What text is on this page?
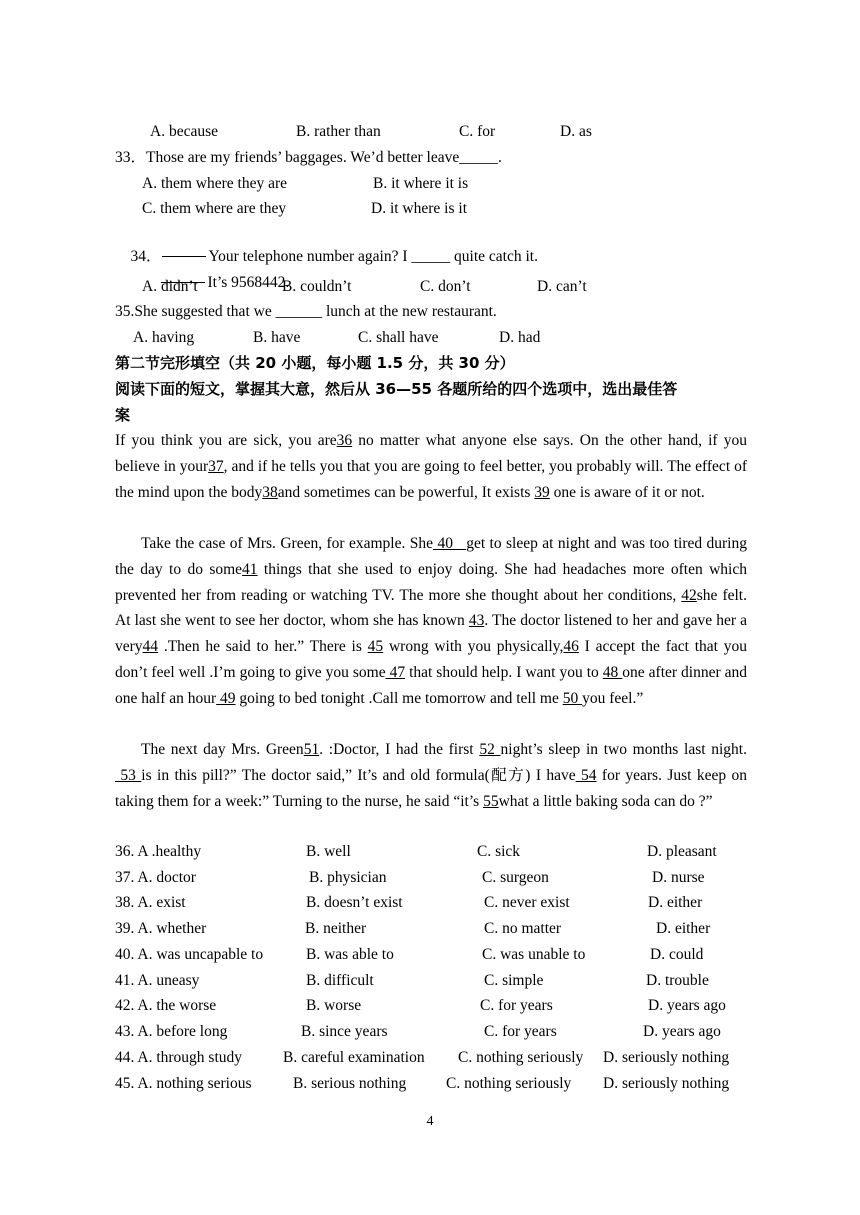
A. because	B. rather than	C. for	D. as
33．Those are my friends’ baggages. We’d better leave_____.
A. them where they are	B. it where it is
C. them where are they	D. it where is it

34．	Your telephone number again? I _____ quite catch it.

It’s 9568442.

A. didn’t	B. couldn’t	C. don’t	D. can’t
35.She suggested that we ______ lunch at the new restaurant.
A. having	B. have	C. shall have	D. had
第二节完形填空（共 20 小题，每小题 1.5 分，共 30 分）
阅读下面的短文，掌握其大意，然后从 36—55 各题所给的四个选项中，选出最佳答
案
If you think you are sick, you are36 no matter what anyone else says. On the other hand, if you believe in your37, and if he tells you that you are going to feel better, you probably will. The effect of the mind upon the body38and sometimes can be powerful, It exists 39 one is aware of it or not.
Take the case of Mrs. Green, for example. She 40   get to sleep at night and was too tired during the day to do some41 things that she used to enjoy doing. She had headaches more often which prevented her from reading or watching TV. The more she thought about her conditions, 42she felt. At last she went to see her doctor, whom she has known 43. The doctor listened to her and gave her a very44 .Then he said to her.” There is 45 wrong with you physically,46 I accept the fact that you don’t feel well .I’m going to give you some 47 that should help. I want you to 48 one after dinner and one half an hour 49 going to bed tonight .Call me tomorrow and tell me 50 you feel.”
The next day Mrs. Green51. :Doctor, I had the first 52 night’s sleep in two months last night. 53 is in this pill?” The doctor said,” It’s and old formula(配方) I have 54 for years. Just keep on taking them for a week:” Turning to the nurse, he said “it’s 55what a little baking soda can do ?”
36. A .healthy	B. well	C. sick	D. pleasant
37. A. doctor	B. physician	C. surgeon	D. nurse
38. A. exist	B. doesn’t exist	C. never exist	D. either
39. A. whether	B. neither	C. no matter	D. either
40. A. was uncapable to	B. was able to	C. was unable to	D. could
41. A. uneasy	B. difficult	C. simple	D. trouble
42. A. the worse	B. worse	C. for years	D. years ago
43. A. before long	B. since years	C. for years	D. years ago
44. A. through study	B. careful examination C. nothing seriously D. seriously nothing
45. A. nothing serious	B. serious nothing	C. nothing seriously D. seriously nothing
4
